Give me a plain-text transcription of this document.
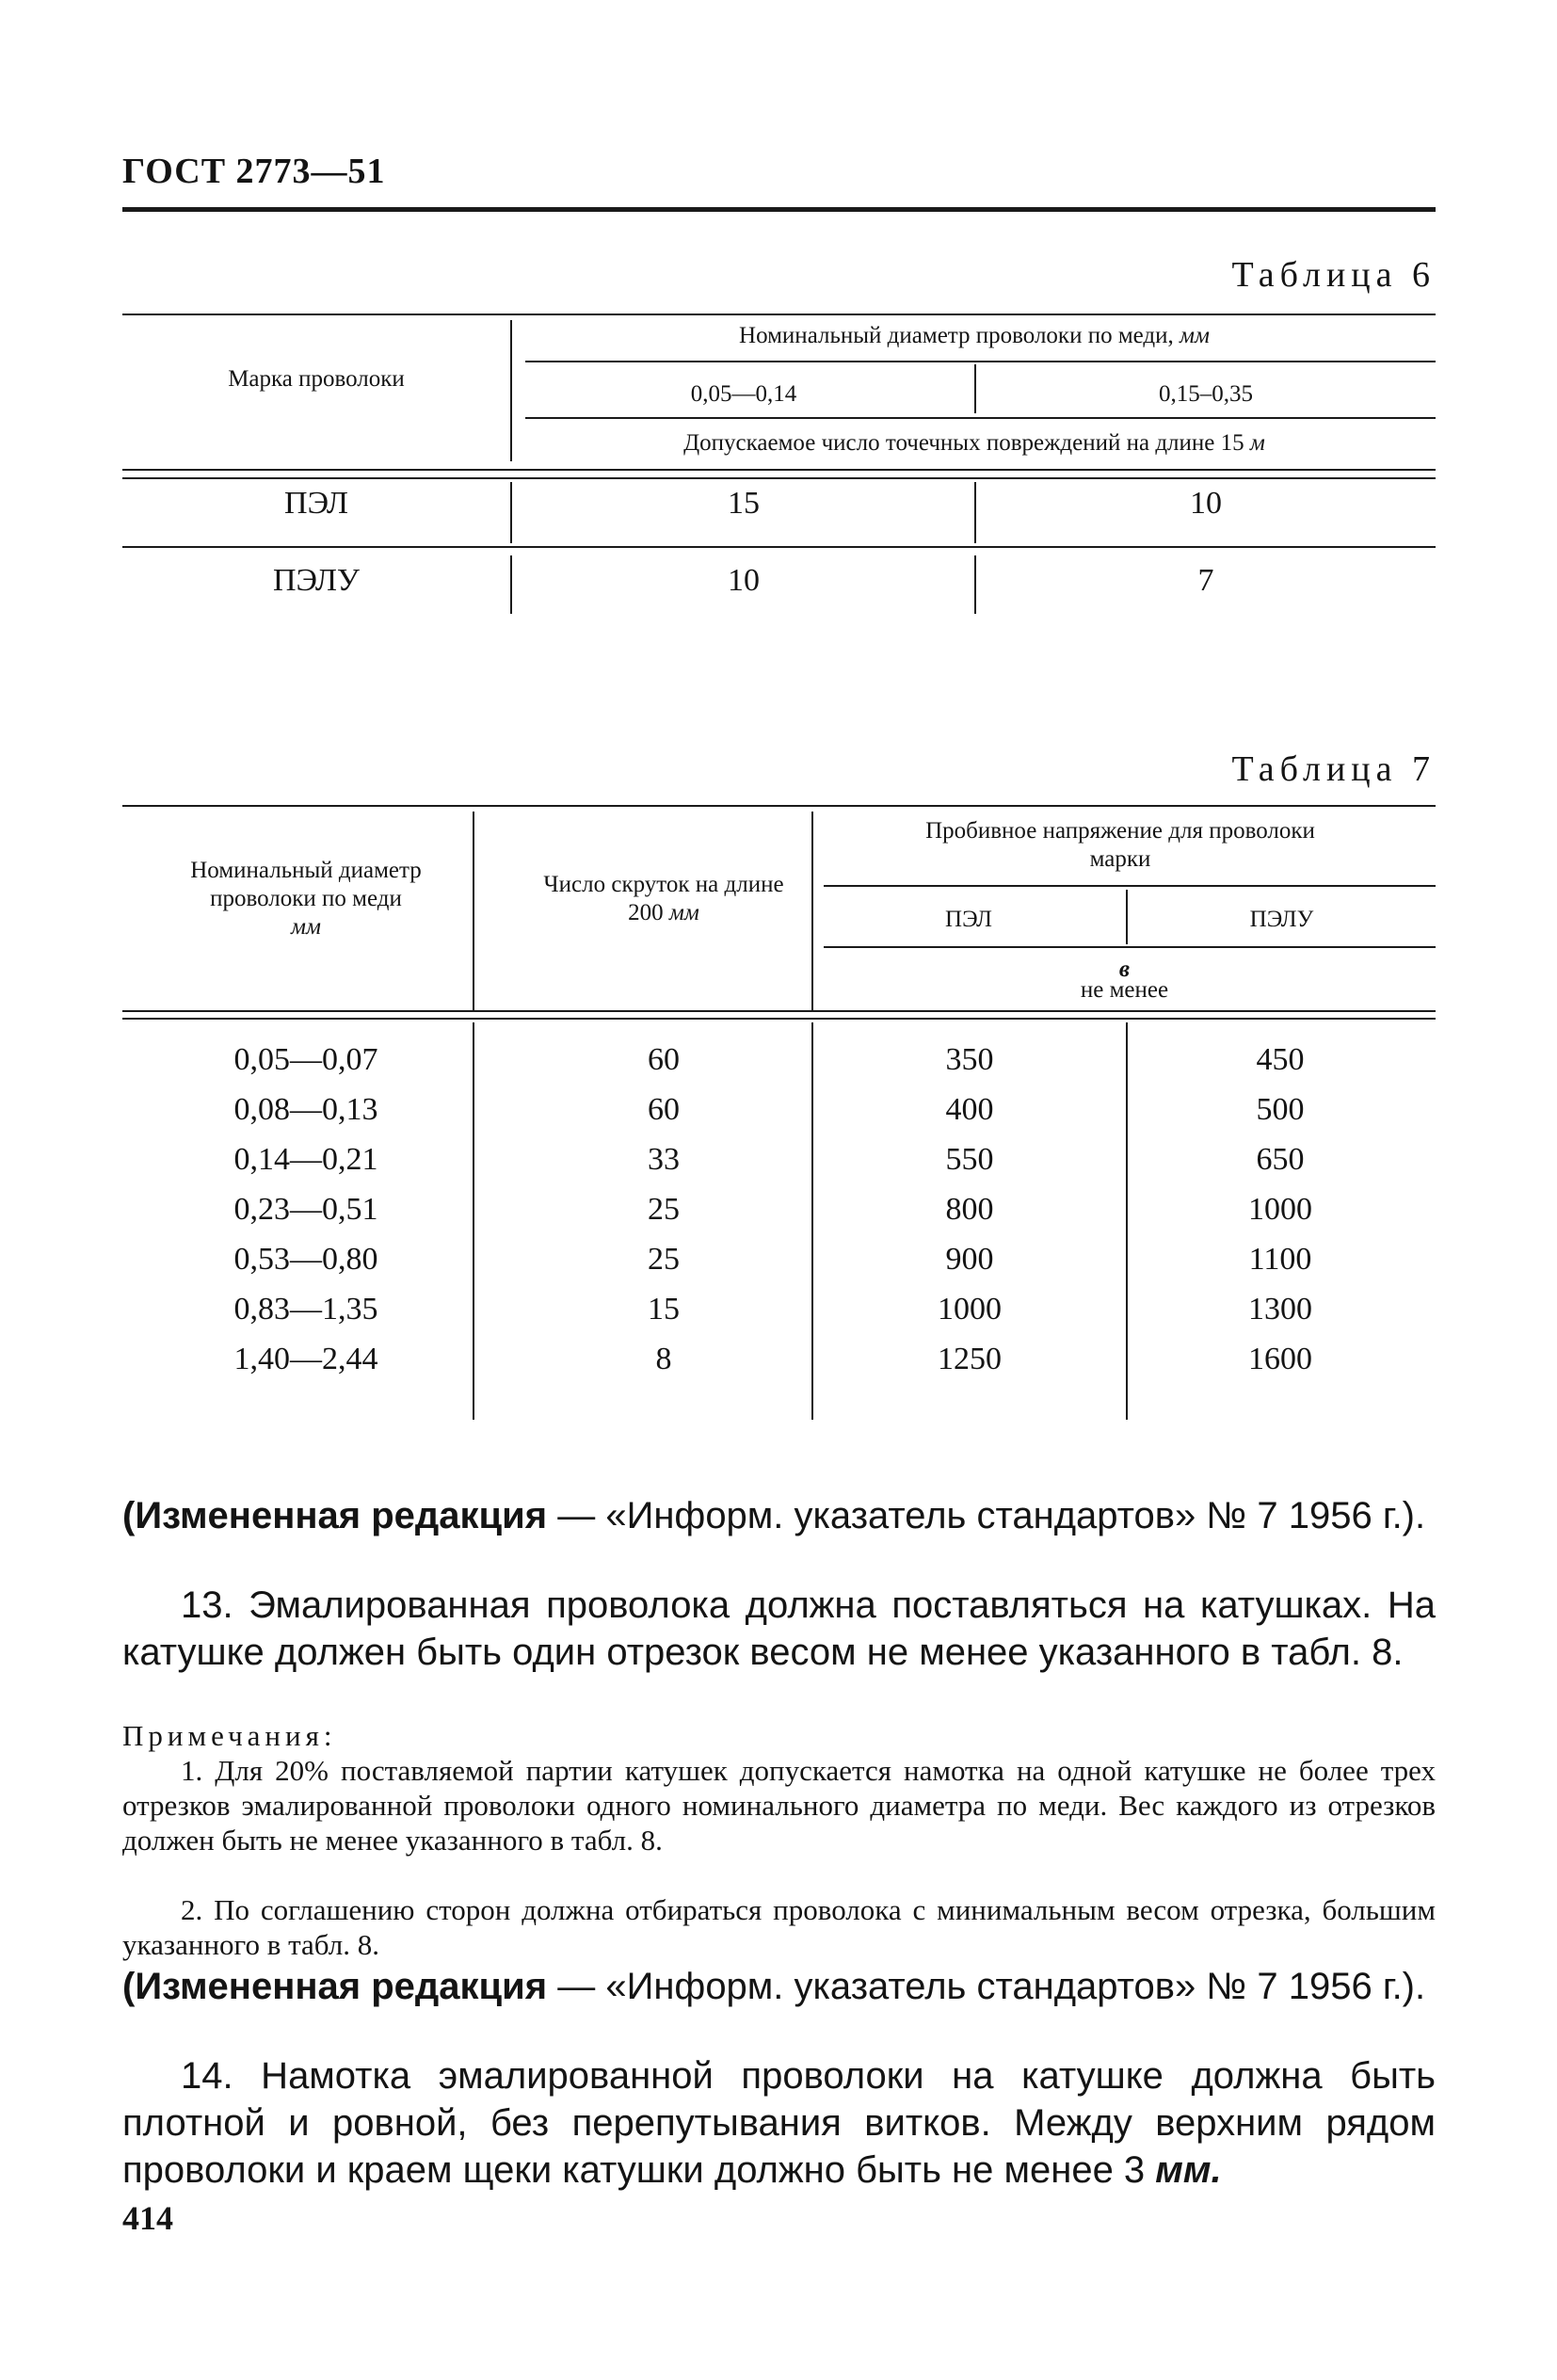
ГОСТ 2773—51
Таблица 6
Марка проволоки
Номинальный диаметр проволоки по меди, мм
0,05—0,14	0,15–0,35
Допускаемое число точечных повреждений на длине 15 м
ПЭЛ	15	10
ПЭЛУ	10	7
Таблица 7
Номинальный диаметр проволоки по меди
мм
Число скруток на длине 200 мм
Пробивное напряжение для проволоки марки
ПЭЛ	ПЭЛУ
в
не менее
0,05—0,07	60	350	450
0,08—0,13	60	400	500
0,14—0,21	33	550	650
0,23—0,51	25	800	1000
0,53—0,80	25	900	1100
0,83—1,35	15	1000	1300
1,40—2,44	8	1250	1600
(Измененная редакция — «Информ. указатель стандартов» № 7 1956 г.).
13. Эмалированная проволока должна поставляться на катушках. На катушке должен быть один отрезок весом не менее указанного в табл. 8.
Примечания:
1. Для 20% поставляемой партии катушек допускается намотка на одной катушке не более трех отрезков эмалированной проволоки одного номинального диаметра по меди. Вес каждого из отрезков должен быть не менее указанного в табл. 8.
2. По соглашению сторон должна отбираться проволока с минимальным весом отрезка, большим указанного в табл. 8.
(Измененная редакция — «Информ. указатель стандартов» № 7 1956 г.).
14. Намотка эмалированной проволоки на катушке должна быть плотной и ровной, без перепутывания витков. Между верхним рядом проволоки и краем щеки катушки должно быть не менее 3 мм.
414
